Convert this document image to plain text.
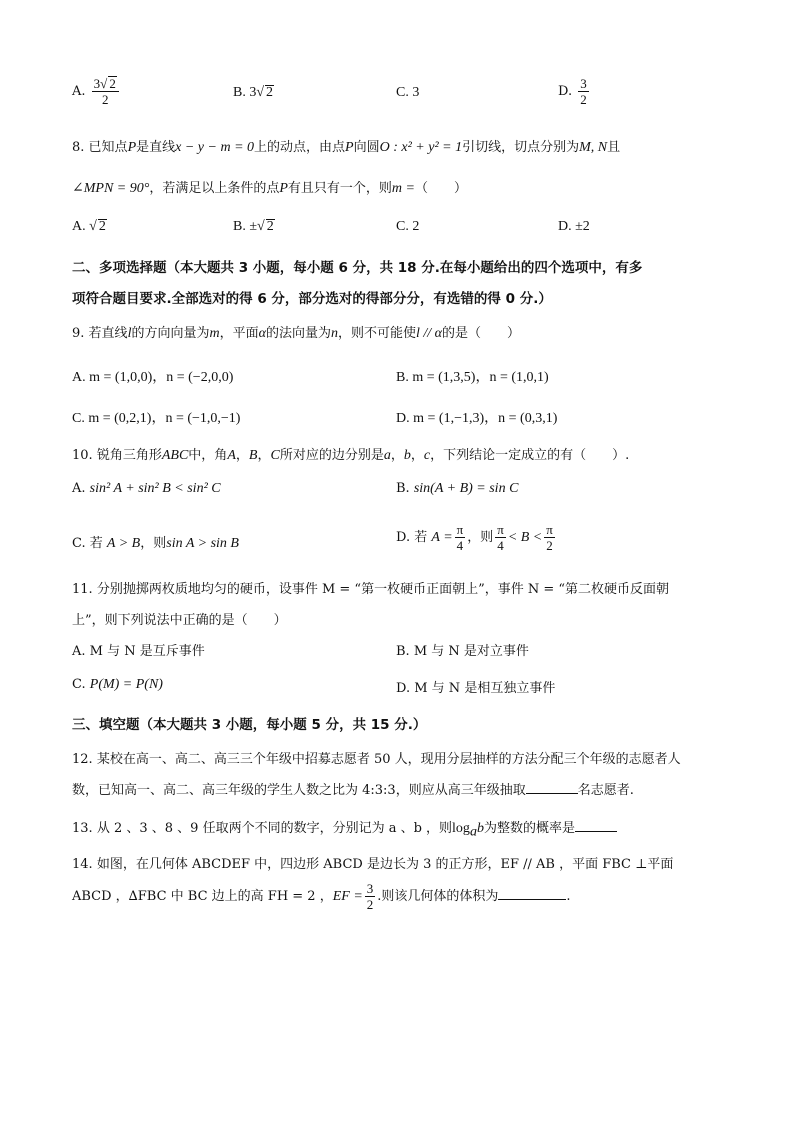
A. $\frac{3√ 2}{2}$	B. 3√ 2	C. 3	D. $\frac{3}{2}$
8. 已知点P是直线x − y − m = 0上的动点，由点P向圆O : x² + y² = 1引切线，切点分别为M, N且
∠MPN = 90°，若满足以上条件的点P有且只有一个，则m =（　　）
A. √ 2	B. ±√ 2	C. 2	D. ±2
二、多项选择题（本大题共 3 小题，每小题 6 分，共 18 分.在每小题给出的四个选项中，有多
项符合题目要求.全部选对的得 6 分，部分选对的得部分分，有选错的得 0 分.）
9. 若直线l的方向向量为m，平面α的法向量为n，则不可能使l // α的是（　　）
A. m = (1,0,0)，n = (−2,0,0)	B. m = (1,3,5)，n = (1,0,1)
C. m = (0,2,1)，n = (−1,0,−1)	D. m = (1,−1,3)，n = (0,3,1)
10. 锐角三角形ABC中，角A，B，C所对应的边分别是a，b，c，下列结论一定成立的有（　　）.
A. sin² A + sin² B < sin² C	B. sin(A + B) = sin C
C. 若 A > B，则sin A > sin B	D. 若 $A = \frac{\pi}{4}$ ，则 $\frac{\pi}{4} < B < \frac{\pi}{2}$
11. 分别抛掷两枚质地均匀的硬币，设事件 M = “第一枚硬币正面朝上”，事件 N = “第二枚硬币反面朝
上”，则下列说法中正确的是（　　）
A. M 与 N 是互斥事件	B. M 与 N 是对立事件
C. P(M) = P(N)	D. M 与 N 是相互独立事件
三、填空题（本大题共 3 小题，每小题 5 分，共 15 分.）
12. 某校在高一、高二、高三三个年级中招募志愿者 50 人，现用分层抽样的方法分配三个年级的志愿者人
数，已知高一、高二、高三年级的学生人数之比为 4:3:3，则应从高三年级抽取	名志愿者.
13. 从 2 、3 、8 、9 任取两个不同的数字，分别记为 a 、b ，则$\log_ab$为整数的概率是
14. 如图，在几何体 ABCDEF 中，四边形 ABCD 是边长为 3 的正方形，EF // AB ，平面 FBC ⊥平面
ABCD ，∆FBC 中 BC 边上的高 FH = 2 ，EF = $\frac{3}{2}$ .则该几何体的体积为	.
